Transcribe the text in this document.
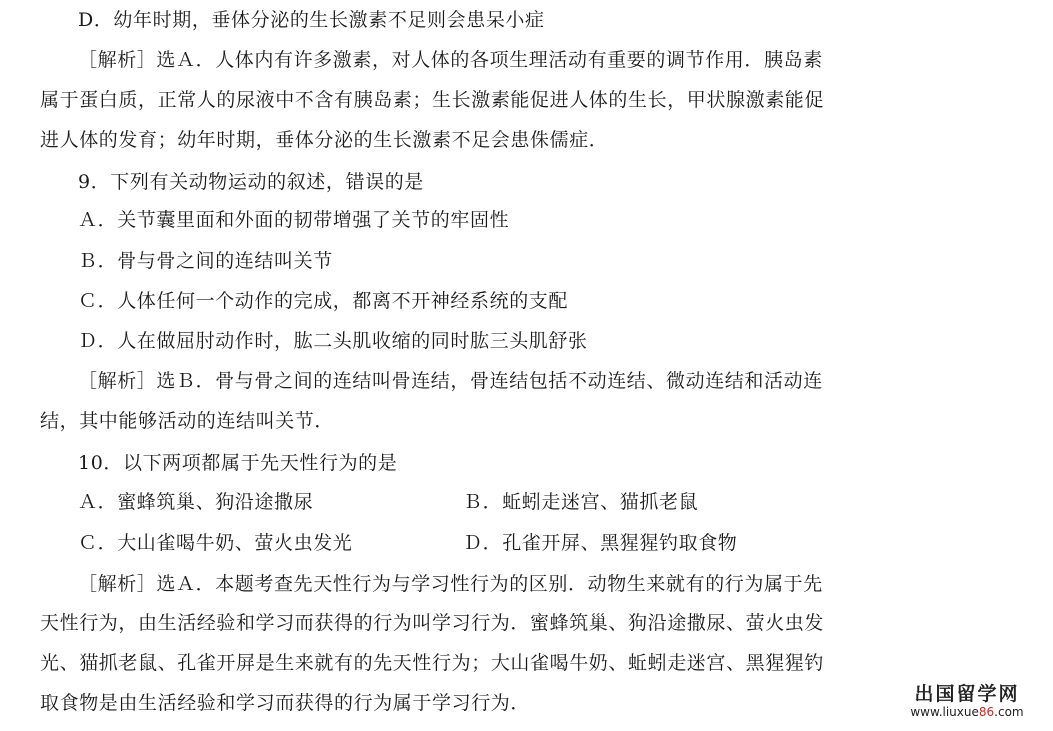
D．幼年时期，垂体分泌的生长激素不足则会患呆小症
［解析］选Ａ．人体内有许多激素，对人体的各项生理活动有重要的调节作用．胰岛素
属于蛋白质，正常人的尿液中不含有胰岛素；生长激素能促进人体的生长，甲状腺激素能促
进人体的发育；幼年时期，垂体分泌的生长激素不足会患侏儒症．
9．下列有关动物运动的叙述，错误的是
Ａ．关节囊里面和外面的韧带增强了关节的牢固性
Ｂ．骨与骨之间的连结叫关节
Ｃ．人体任何一个动作的完成，都离不开神经系统的支配
Ｄ．人在做屈肘动作时，肱二头肌收缩的同时肱三头肌舒张
［解析］选Ｂ．骨与骨之间的连结叫骨连结，骨连结包括不动连结、微动连结和活动连
结，其中能够活动的连结叫关节．
10．以下两项都属于先天性行为的是
Ａ．蜜蜂筑巢、狗沿途撒尿	Ｂ．蚯蚓走迷宫、猫抓老鼠
Ｃ．大山雀喝牛奶、萤火虫发光	Ｄ．孔雀开屏、黑猩猩钓取食物
［解析］选Ａ．本题考查先天性行为与学习性行为的区别．动物生来就有的行为属于先
天性行为，由生活经验和学习而获得的行为叫学习行为．蜜蜂筑巢、狗沿途撒尿、萤火虫发
光、猫抓老鼠、孔雀开屏是生来就有的先天性行为；大山雀喝牛奶、蚯蚓走迷宫、黑猩猩钓
取食物是由生活经验和学习而获得的行为属于学习行为．	出国留学网
www.liuxue86.com
